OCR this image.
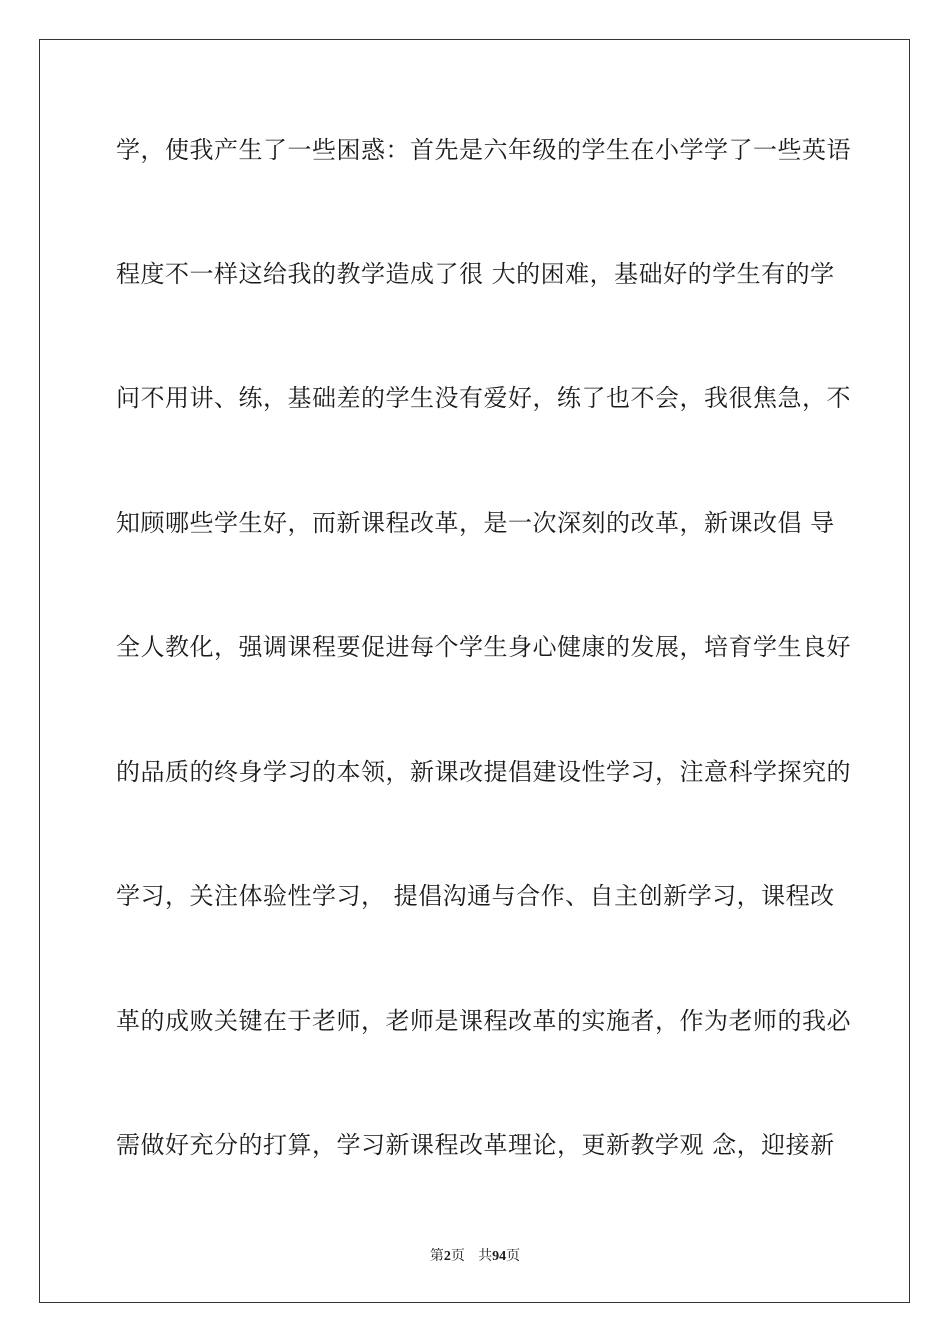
学，使我产生了一些困惑：首先是六年级的学生在小学学了一些英语
程度不一样这给我的教学造成了很 大的困难，基础好的学生有的学
问不用讲、练，基础差的学生没有爱好，练了也不会，我很焦急，不
知顾哪些学生好，而新课程改革，是一次深刻的改革，新课改倡 导
全人教化，强调课程要促进每个学生身心健康的发展，培育学生良好
的品质的终身学习的本领，新课改提倡建设性学习，注意科学探究的
学习，关注体验性学习， 提倡沟通与合作、自主创新学习，课程改
革的成败关键在于老师，老师是课程改革的实施者，作为老师的我必
需做好充分的打算，学习新课程改革理论，更新教学观 念，迎接新
第2页 共94页
